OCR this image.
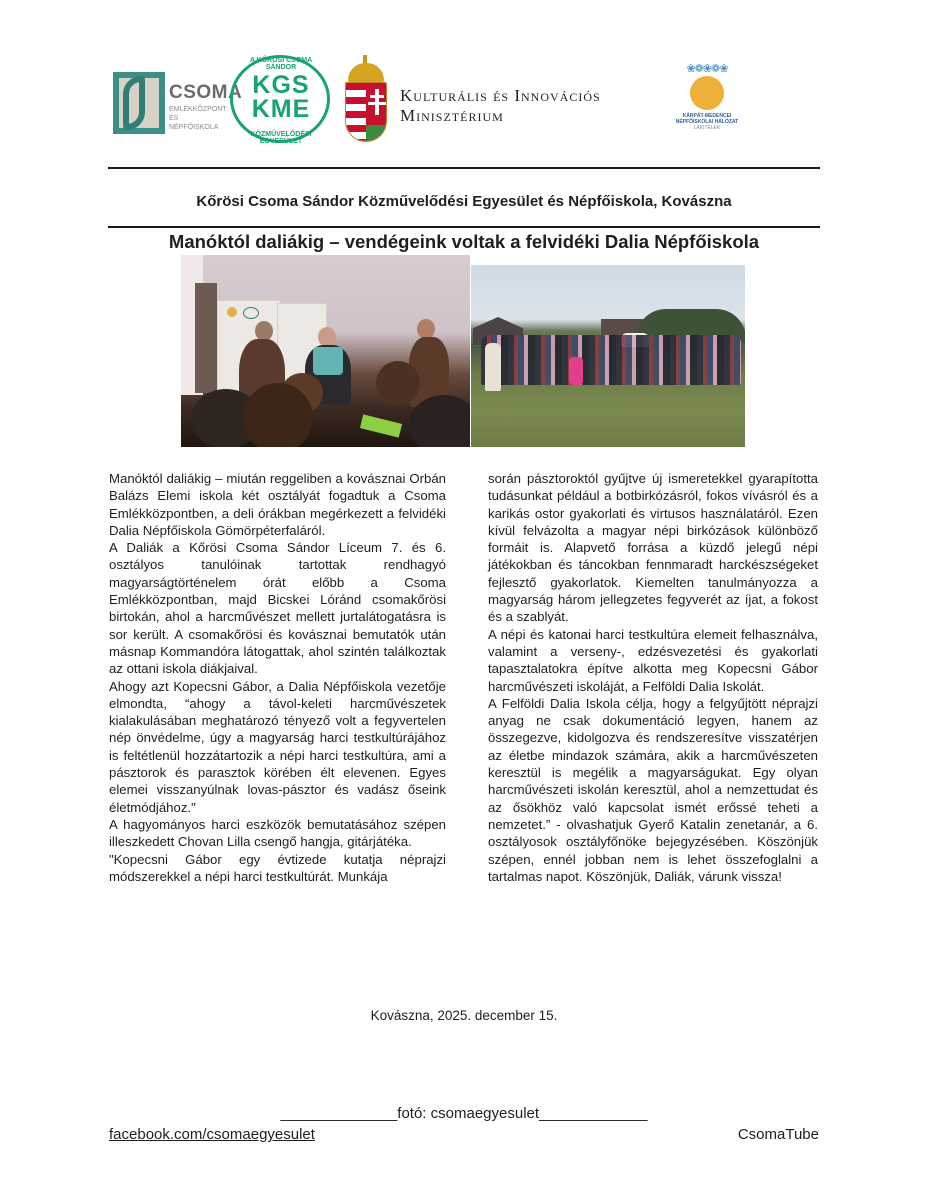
CSOMA
EMLÉKKÖZPONT ÉS NÉPFŐISKOLA
A KŐRÖSI CSOMA SÁNDOR
KGS
KME
KÖZMŰVELŐDÉSI EGYESÜLET
Kulturális és Innovációs
Minisztérium
❀❁❀❁❀
KÁRPÁT-MEDENCEI
NÉPFŐISKOLAI HÁLÓZAT
LAKITELEK
Kőrösi Csoma Sándor Közművelődési Egyesület és Népfőiskola, Kovászna
Manóktól daliákig – vendégeink voltak a felvidéki Dalia Népfőiskola

Manóktól daliákig – miután reggeliben a kovásznai Orbán Balázs Elemi iskola két osztályát fogadtuk a Csoma Emlékközpontben, a deli órákban megérkezett a felvidéki Dalia Népfőiskola Gömörpéterfaláról.

A Daliák a Kőrösi Csoma Sándor Líceum 7. és 6. osztályos tanulóinak tartottak rendhagyó magyarságtörténelem órát előbb a Csoma Emlékközpontban, majd Bicskei Lóránd csomakőrösi birtokán, ahol a harcművészet mellett jurtalátogatásra is sor került. A csomakőrösi és kovásznai bemutatók után másnap Kommandóra látogattak, ahol szintén találkoztak az ottani iskola diákjaival.

Ahogy azt Kopecsni Gábor, a Dalia Népfőiskola vezetője elmondta, “ahogy a távol-keleti harcművészetek kialakulásában meghatározó tényező volt a fegyvertelen nép önvédelme, úgy a magyarság harci testkultúrájához is feltétlenül hozzátartozik a népi harci testkultúra, ami a pásztorok és parasztok körében élt elevenen. Egyes elemei visszanyúlnak lovas-pásztor és vadász őseink életmódjához."

A hagyományos harci eszközök bemutatásához szépen illeszkedett Chovan Lilla csengő hangja, gitárjátéka.

"Kopecsni Gábor egy évtizede kutatja néprajzi módszerekkel a népi harci testkultúrát. Munkája

során pásztoroktól gyűjtve új ismeretekkel gyarapította tudásunkat például a botbirkózásról, fokos vívásról és a karikás ostor gyakorlati és virtusos használatáról. Ezen kívül felvázolta a magyar népi birkózások különböző formáit is. Alapvető forrása a küzdő jelegű népi játékokban és táncokban fennmaradt harckészségeket fejlesztő gyakorlatok. Kiemelten tanulmányozza a magyarság három jellegzetes fegyverét az íjat, a fokost és a szablyát.

A népi és katonai harci testkultúra elemeit felhasználva, valamint a verseny-, edzésvezetési és gyakorlati tapasztalatokra építve alkotta meg Kopecsni Gábor harcművészeti iskoláját, a Felföldi Dalia Iskolát.

A Felföldi Dalia Iskola célja, hogy a felgyűjtött néprajzi anyag ne csak dokumentáció legyen, hanem az összegezve, kidolgozva és rendszeresítve visszatérjen az életbe mindazok számára, akik a harcművészeten keresztül is megélik a magyarságukat. Egy olyan harcművészeti iskolán keresztül, ahol a nemzettudat és az ősökhöz való kapcsolat ismét erőssé teheti a nemzetet.” - olvashatjuk Gyerő Katalin zenetanár, a 6. osztályosok osztályfőnöke bejegyzésében. Köszönjük szépen, ennél jobban nem is lehet összefoglalni a tartalmas napot. Köszönjük, Daliák, várunk vissza!

Kovászna, 2025. december 15.
______________fotó: csomaegyesulet_____________
facebook.com/csomaegyesulet	CsomaTube
